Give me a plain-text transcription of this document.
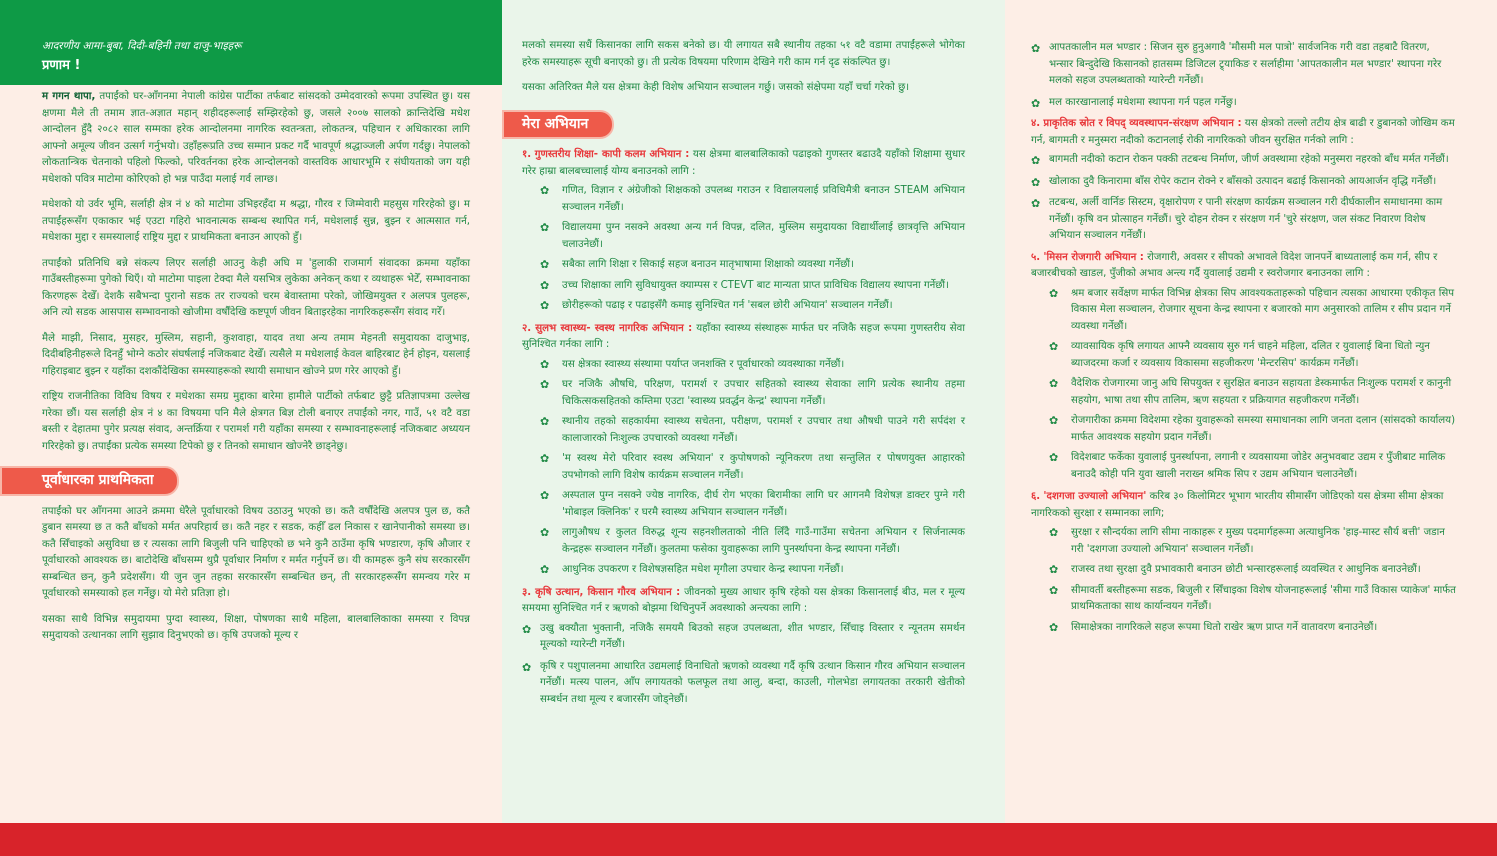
आदरणीय आमा-बुबा, दिदी-बहिनी तथा दाजु-भाइहरू
प्रणाम !

म गगन थापा, तपाईंको घर-आँगनमा नेपाली कांग्रेस पार्टीका तर्फबाट सांसदको उम्मेदवारको रूपमा उपस्थित छु। यस क्षणमा मैले ती तमाम ज्ञात-अज्ञात महान् शहीदहरूलाई सम्झिरहेको छु, जसले २००७ सालको क्रान्तिदेखि मधेश आन्दोलन हुँदै २०८२ साल सम्मका हरेक आन्दोलनमा नागरिक स्वतन्त्रता, लोकतन्त्र, पहिचान र अधिकारका लागि आफ्नो अमूल्य जीवन उत्सर्ग गर्नुभयो। उहाँहरूप्रति उच्च सम्मान प्रकट गर्दै भावपूर्ण श्रद्धाञ्जली अर्पण गर्दछु। नेपालको लोकतान्त्रिक चेतनाको पहिलो फिल्को, परिवर्तनका हरेक आन्दोलनको वास्तविक आधारभूमि र संघीयताको जग यही मधेशको पवित्र माटोमा कोरिएको हो भन्न पाउँदा मलाई गर्व लाग्छ।

मधेशको यो उर्वर भूमि, सर्लाही क्षेत्र नं ४ को माटोमा उभिइरहँदा म श्रद्धा, गौरव र जिम्मेवारी महसुस गरिरहेको छु। म तपाईंहरूसँग एकाकार भई एउटा गहिरो भावनात्मक सम्बन्ध स्थापित गर्न, मधेशलाई सुन्न, बुझ्न र आत्मसात गर्न, मधेशका मुद्दा र समस्यालाई राष्ट्रिय मुद्दा र प्राथमिकता बनाउन आएको हुँ।

तपाईंको प्रतिनिधि बन्ने संकल्प लिएर सर्लाही आउनु केही अघि म 'हुलाकी राजमार्ग संवादका क्रममा यहाँका गाउँबस्तीहरूमा पुगेको थिएँ। यो माटोमा पाइला टेक्दा मैले यसभित्र लुकेका अनेकन् कथा र व्यथाहरू भेटेँ, सम्भावनाका किरणहरू देखेँ। देशकै सबैभन्दा पुरानो सडक तर राज्यको चरम बेवास्तामा परेको, जोखिमयुक्त र अलपत्र पुलहरू, अनि त्यो सडक आसपास सम्भावनाको खोजीमा वर्षौंदेखि कष्टपूर्ण जीवन बिताइरहेका नागरिकहरूसँग संवाद गरेँ।

मैले माझी, निसाद, मुसहर, मुस्लिम, सहानी, कुशवाहा, यादव तथा अन्य तमाम मेहनती समुदायका दाजुभाइ, दिदीबहिनीहरूले दिनहुँ भोग्ने कठोर संघर्षलाई नजिकबाट देखेँ। त्यसैले म मधेशलाई केवल बाहिरबाट हेर्न होइन, यसलाई गहिराइबाट बुझ्न र यहाँका दशकौंदेखिका समस्याहरूको स्थायी समाधान खोज्ने प्रण गरेर आएको हुँ।

राष्ट्रिय राजनीतिका विविध विषय र मधेशका समग्र मुद्दाका बारेमा हामीले पार्टीको तर्फबाट छुट्टै प्रतिज्ञापत्रमा उल्लेख गरेका छौं। यस सर्लाही क्षेत्र नं ४ का विषयमा पनि मैले क्षेत्रगत बिज्ञ टोली बनाएर तपाईंको नगर, गाउँ, ५१ वटै वडा बस्ती र देहातमा पुगेर प्रत्यक्ष संवाद, अन्तर्क्रिया र परामर्श गरी यहाँका समस्या र सम्भावनाहरूलाई नजिकबाट अध्ययन गरिरहेको छु। तपाईंका प्रत्येक समस्या टिपेको छु र तिनको समाधान खोज्नेरै छाड्नेछु।

पूर्वाधारका प्राथमिकता

तपाईंको घर आँगनमा आउने क्रममा धेरैले पूर्वाधारको विषय उठाउनु भएको छ। कतै वर्षौंदेखि अलपत्र पुल छ, कतै डुबान समस्या छ त कतै बाँधको मर्मत अपरिहार्य छ। कतै नहर र सडक, कहीँ ढल निकास र खानेपानीको समस्या छ। कतै सिँचाइको असुविधा छ र त्यसका लागि बिजुली पनि चाहिएको छ भने कुनै ठाउँमा कृषि भण्डारण, कृषि औजार र पूर्वाधारको आवश्यक छ। बाटोदेखि बाँधसम्म थुप्रै पूर्वाधार निर्माण र मर्मत गर्नुपर्ने छ। यी कामहरू कुनै संघ सरकारसँग सम्बन्धित छन्, कुनै प्रदेशसँग। यी जुन जुन तहका सरकारसँग सम्बन्धित छन्, ती सरकारहरूसँग समन्वय गरेर म पूर्वाधारको समस्याको हल गर्नेछु। यो मेरो प्रतिज्ञा हो।

यसका साथै विभिन्न समुदायमा पुग्दा स्वास्थ्य, शिक्षा, पोषणका साथै महिला, बालबालिकाका समस्या र विपन्न समुदायको उत्थानका लागि सुझाव दिनुभएको छ। कृषि उपजको मूल्य र

मलको समस्या सधैं किसानका लागि सकस बनेको छ। यी लगायत सबै स्थानीय तहका ५१ वटै वडामा तपाईंहरूले भोगेका हरेक समस्याहरू सूची बनाएको छु। ती प्रत्येक विषयमा परिणाम देखिने गरी काम गर्न दृढ संकल्पित छु।

यसका अतिरिक्त मैले यस क्षेत्रमा केही विशेष अभियान सञ्चालन गर्छु। जसको संक्षेपमा यहाँ चर्चा गरेको छु।

मेरा अभियान
१. गुणस्तरीय शिक्षा- कापी कलम अभियान : यस क्षेत्रमा बालबालिकाको पढाइको गुणस्तर बढाउदै यहाँको शिक्षामा सुधार गरेर हाम्रा बालबच्चालाई योग्य बनाउनको लागि :
✿	गणित, विज्ञान र अंग्रेजीको शिक्षकको उपलब्ध गराउन र विद्यालयलाई प्रविधिमैत्री बनाउन STEAM अभियान सञ्चालन गर्नेछौं।
✿	विद्यालयमा पुग्न नसक्ने अवस्था अन्य गर्न विपन्न, दलित, मुस्लिम समुदायका विद्यार्थीलाई छात्रवृत्ति अभियान चलाउनेछौं।
✿	सबैका लागि शिक्षा र सिकाई सहज बनाउन मातृभाषामा शिक्षाको व्यवस्था गर्नेछौं।
✿	उच्च शिक्षाका लागि सुविधायुक्त क्याम्पस र CTEVT बाट मान्यता प्राप्त प्राविधिक विद्यालय स्थापना गर्नेछौं।
✿	छोरीहरूको पढाइ र पढाइसँगै कमाइ सुनिश्चित गर्न 'सबल छोरी अभियान' सञ्चालन गर्नेछौं।
२. सुलभ स्वास्थ्य- स्वस्थ नागरिक अभियान : यहाँका स्वास्थ्य संस्थाहरू मार्फत घर नजिकै सहज रूपमा गुणस्तरीय सेवा सुनिश्चित गर्नका लागि :
✿	यस क्षेत्रका स्वास्थ्य संस्थामा पर्याप्त जनशक्ति र पूर्वाधारको व्यवस्थाका गर्नेछौं।
✿	घर नजिकै औषधि, परिक्षण, परामर्श र उपचार सहितको स्वास्थ्य सेवाका लागि प्रत्येक स्थानीय तहमा चिकित्सकसहितको कम्तिमा एउटा 'स्वास्थ्य प्रवर्द्धन केन्द्र' स्थापना गर्नेछौं।
✿	स्थानीय तहको सहकार्यमा स्वास्थ्य सचेतना, परीक्षण, परामर्श र उपचार तथा औषधी पाउने गरी सर्पदंश र कालाजारको निःशुल्क उपचारको व्यवस्था गर्नेछौं।
✿	'म स्वस्थ मेरो परिवार स्वस्थ अभियान' र कुपोषणको न्यूनिकरण तथा सन्तुलित र पोषणयुक्त आहारको उपभोगको लागि विशेष कार्यक्रम सञ्चालन गर्नेछौं।
✿	अस्पताल पुग्न नसक्ने ज्येष्ठ नागरिक, दीर्घ रोग भएका बिरामीका लागि घर आगनमै विशेषज्ञ डाक्टर पुग्ने गरी 'मोबाइल क्लिनिक' र घरमै स्वास्थ्य अभियान सञ्चालन गर्नेछौं।
✿	लागुऔषध र कुलत विरुद्ध शून्य सहनशीलताको नीति लिँदै गाउँ-गाउँमा सचेतना अभियान र सिर्जनात्मक केन्द्रहरू सञ्चालन गर्नेछौं। कुलतमा फसेका युवाहरूका लागि पुनर्स्थापना केन्द्र स्थापना गर्नेछौं।
✿	आधुनिक उपकरण र विशेषज्ञसहित मधेश मृगौला उपचार केन्द्र स्थापना गर्नेछौं।
३. कृषि उत्थान, किसान गौरव अभियान : जीवनको मुख्य आधार कृषि रहेको यस क्षेत्रका किसानलाई बीउ, मल र मूल्य समयमा सुनिश्चित गर्न र ऋणको बोझमा थिचिनुपर्ने अवस्थाको अन्त्यका लागि :
✿ उखु बक्यौता भुक्तानी, नजिकै समयमै बिउको सहज उपलब्धता, शीत भण्डार, सिँचाइ विस्तार र न्यूनतम समर्थन मूल्यको ग्यारेन्टी गर्नेछौं।
✿ कृषि र पशुपालनमा आधारित उद्यमलाई विनाधितो ऋणको व्यवस्था गर्दै कृषि उत्थान किसान गौरव अभियान सञ्चालन गर्नेछौं। मत्स्य पालन, आँप लगायतको फलफूल तथा आलु, बन्दा, काउली, गोलभेडा लगायतका तरकारी खेतीको सम्बर्धन तथा मूल्य र बजारसँग जोड्नेछौं।
✿ आपतकालीन मल भण्डार : सिजन सुरु हुनुअगावै 'मौसमी मल पात्रो' सार्वजनिक गरी वडा तहबाटै वितरण, भन्सार बिन्दुदेखि किसानको हातसम्म डिजिटल ट्र्याकिङ र सर्लाहीमा 'आपतकालीन मल भण्डार' स्थापना गरेर मलको सहज उपलब्धताको ग्यारेन्टी गर्नेछौं।
✿ मल कारखानालाई मधेशमा स्थापना गर्न पहल गर्नेछु।
४. प्राकृतिक स्रोत र विपद् व्यवस्थापन-संरक्षण अभियान : यस क्षेत्रको तल्लो तटीय क्षेत्र बाढी र डुबानको जोखिम कम गर्न, बागमती र मनुस्मरा नदीको कटानलाई रोकी नागरिकको जीवन सुरक्षित गर्नको लागि :
✿ बागमती नदीको कटान रोकन पक्की तटबन्ध निर्माण, जीर्ण अवस्थामा रहेको मनुस्मरा नहरको बाँध मर्मत गर्नेछौं।
✿ खोलाका दुवै किनारामा बाँस रोपेर कटान रोक्ने र बाँसको उत्पादन बढाई किसानको आयआर्जन वृद्धि गर्नेछौं।
✿ तटबन्ध, अर्ली वार्निङ सिस्टम, वृक्षारोपण र पानी संरक्षण कार्यक्रम सञ्चालन गरी दीर्घकालीन समाधानमा काम गर्नेछौं। कृषि वन प्रोत्साहन गर्नेछौं। चुरे दोहन रोक्न र संरक्षण गर्न 'चुरे संरक्षण, जल संकट निवारण विशेष अभियान सञ्चालन गर्नेछौं।
५. 'मिसन रोजगारी अभियान : रोजगारी, अवसर र सीपको अभावले विदेश जानपर्ने बाध्यतालाई कम गर्न, सीप र बजारबीचको खाडल, पुँजीको अभाव अन्त्य गर्दै युवालाई उद्यमी र स्वरोजगार बनाउनका लागि :
✿	श्रम बजार सर्वेक्षण मार्फत विभिन्न क्षेत्रका सिप आवश्यकताहरूको पहिचान त्यसका आधारमा एकीकृत सिप विकास मेला सञ्चालन, रोजगार सूचना केन्द्र स्थापना र बजारको माग अनुसारको तालिम र सीप प्रदान गर्ने व्यवस्था गर्नेछौं।
✿	व्यावसायिक कृषि लगायत आफ्नै व्यवसाय सुरु गर्न चाहने महिला, दलित र युवालाई बिना धितो न्युन ब्याजदरमा कर्जा र व्यवसाय विकासमा सहजीकरण 'मेन्टरसिप' कार्यक्रम गर्नेछौं।
✿	वैदेशिक रोजगारमा जानु अघि सिपयुक्त र सुरक्षित बनाउन सहायता डेस्कमार्फत निःशुल्क परामर्श र कानुनी सहयोग, भाषा तथा सीप तालिम, ऋण सहयता र प्रक्रियागत सहजीकरण गर्नेछौं।
✿	रोजगारीका क्रममा विदेशमा रहेका युवाहरूको समस्या समाधानका लागि जनता दलान (सांसदको कार्यालय) मार्फत आवश्यक सहयोग प्रदान गर्नेछौं।
✿	विदेशबाट फर्केका युवालाई पुनर्स्थापना, लगानी र व्यवसायमा जोडेर अनुभवबाट उद्यम र पुँजीबाट मालिक बनाउदै कोही पनि युवा खाली नराख्न श्रमिक सिप र उद्यम अभियान चलाउनेछौं।
६. 'दशगजा उज्यालो अभियान' करिब ३० किलोमिटर भूभाग भारतीय सीमासँग जोडिएको यस क्षेत्रमा सीमा क्षेत्रका नागरिकको सुरक्षा र सम्मानका लागि;
✿	सुरक्षा र सौन्दर्यका लागि सीमा नाकाहरू र मुख्य पदमार्गहरूमा अत्याधुनिक 'हाइ-मास्ट सौर्य बत्ती' जडान गरी 'दशगजा उज्यालो अभियान' सञ्चालन गर्नेछौं।
✿	राजस्व तथा सुरक्षा दुवै प्रभावकारी बनाउन छोटी भन्सारहरूलाई व्यवस्थित र आधुनिक बनाउनेछौं।
✿	सीमावर्ती बस्तीहरूमा सडक, बिजुली र सिँचाइका विशेष योजनाहरूलाई 'सीमा गाउँ विकास प्याकेज' मार्फत प्राथमिकताका साथ कार्यान्वयन गर्नेछौं।
✿	सिमाक्षेत्रका नागरिकले सहज रूपमा धितो राखेर ऋण प्राप्त गर्ने वातावरण बनाउनेछौं।
